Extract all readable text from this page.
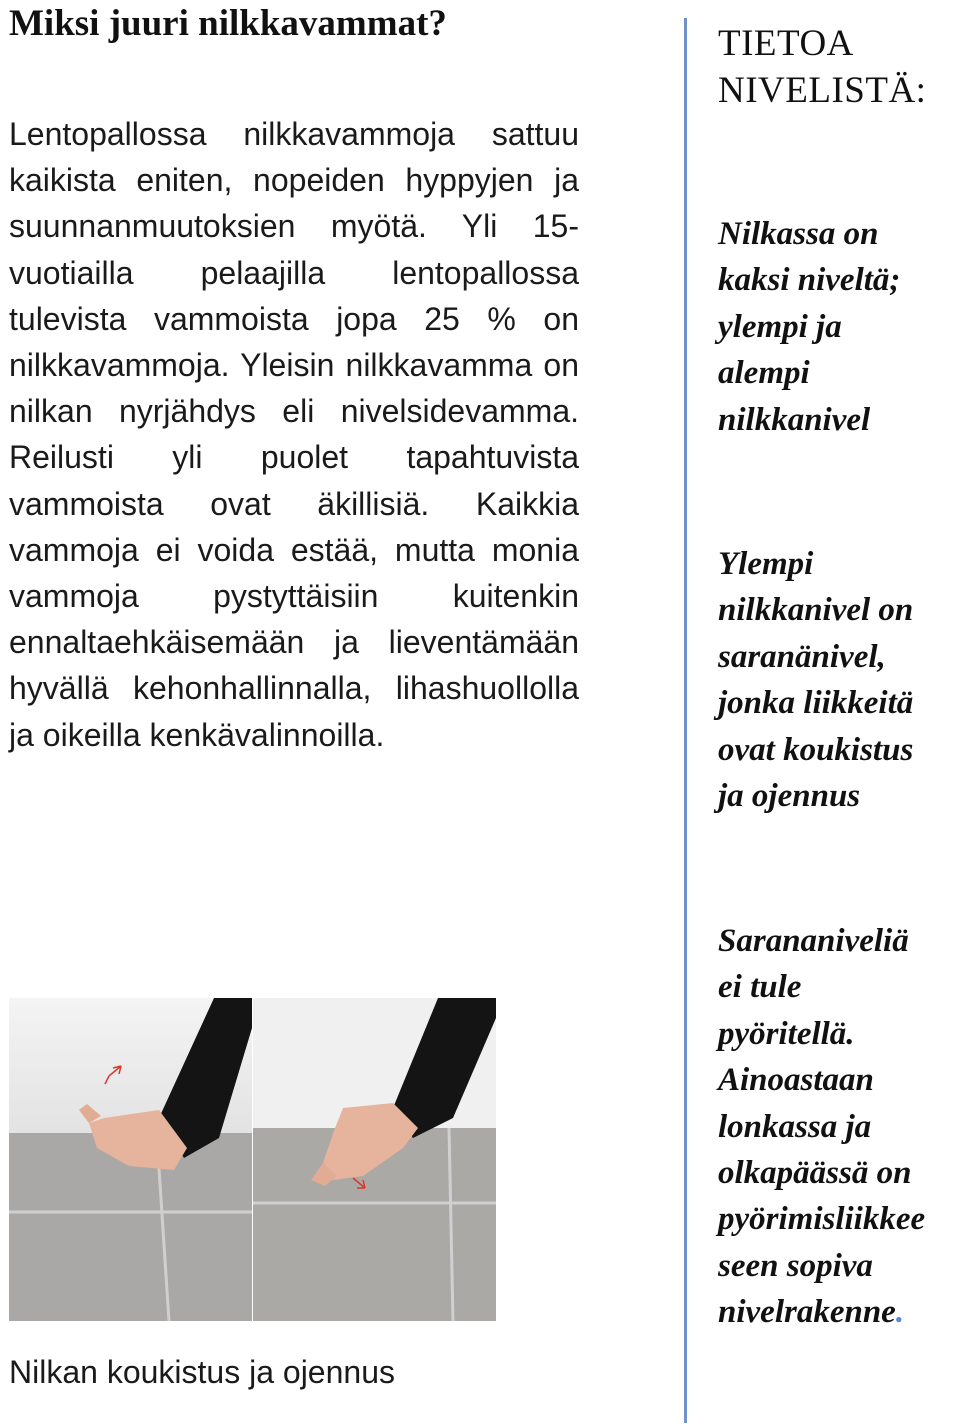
Miksi juuri nilkkavammat?

Lentopallossa nilkkavammoja sattuu kaikista eniten, nopeiden hyppyjen ja suunnanmuutoksien myötä. Yli 15-vuotiailla pelaajilla lentopallossa tulevista vammoista jopa 25 % on nilkkavammoja. Yleisin nilkkavamma on nilkan nyrjähdys eli nivelsidevamma. Reilusti yli puolet tapahtuvista vammoista ovat äkillisiä. Kaikkia vammoja ei voida estää, mutta monia vammoja pystyttäisiin kuitenkin ennaltaehkäisemään ja lieventämään hyvällä kehonhallinnalla, lihashuollolla ja oikeilla kenkävalinnoilla.

Nilkan koukistus ja ojennus
TIETOA
NIVELISTÄ:
Nilkassa on
kaksi niveltä;
ylempi ja
alempi
nilkkanivel
Ylempi
nilkkanivel on
saranänivel,
jonka liikkeitä
ovat koukistus
ja ojennus
Sarananiveliä
ei tule
pyöritellä.
Ainoastaan
lonkassa ja
olkapäässä on
pyörimisliikkee
seen sopiva
nivelrakenne.
